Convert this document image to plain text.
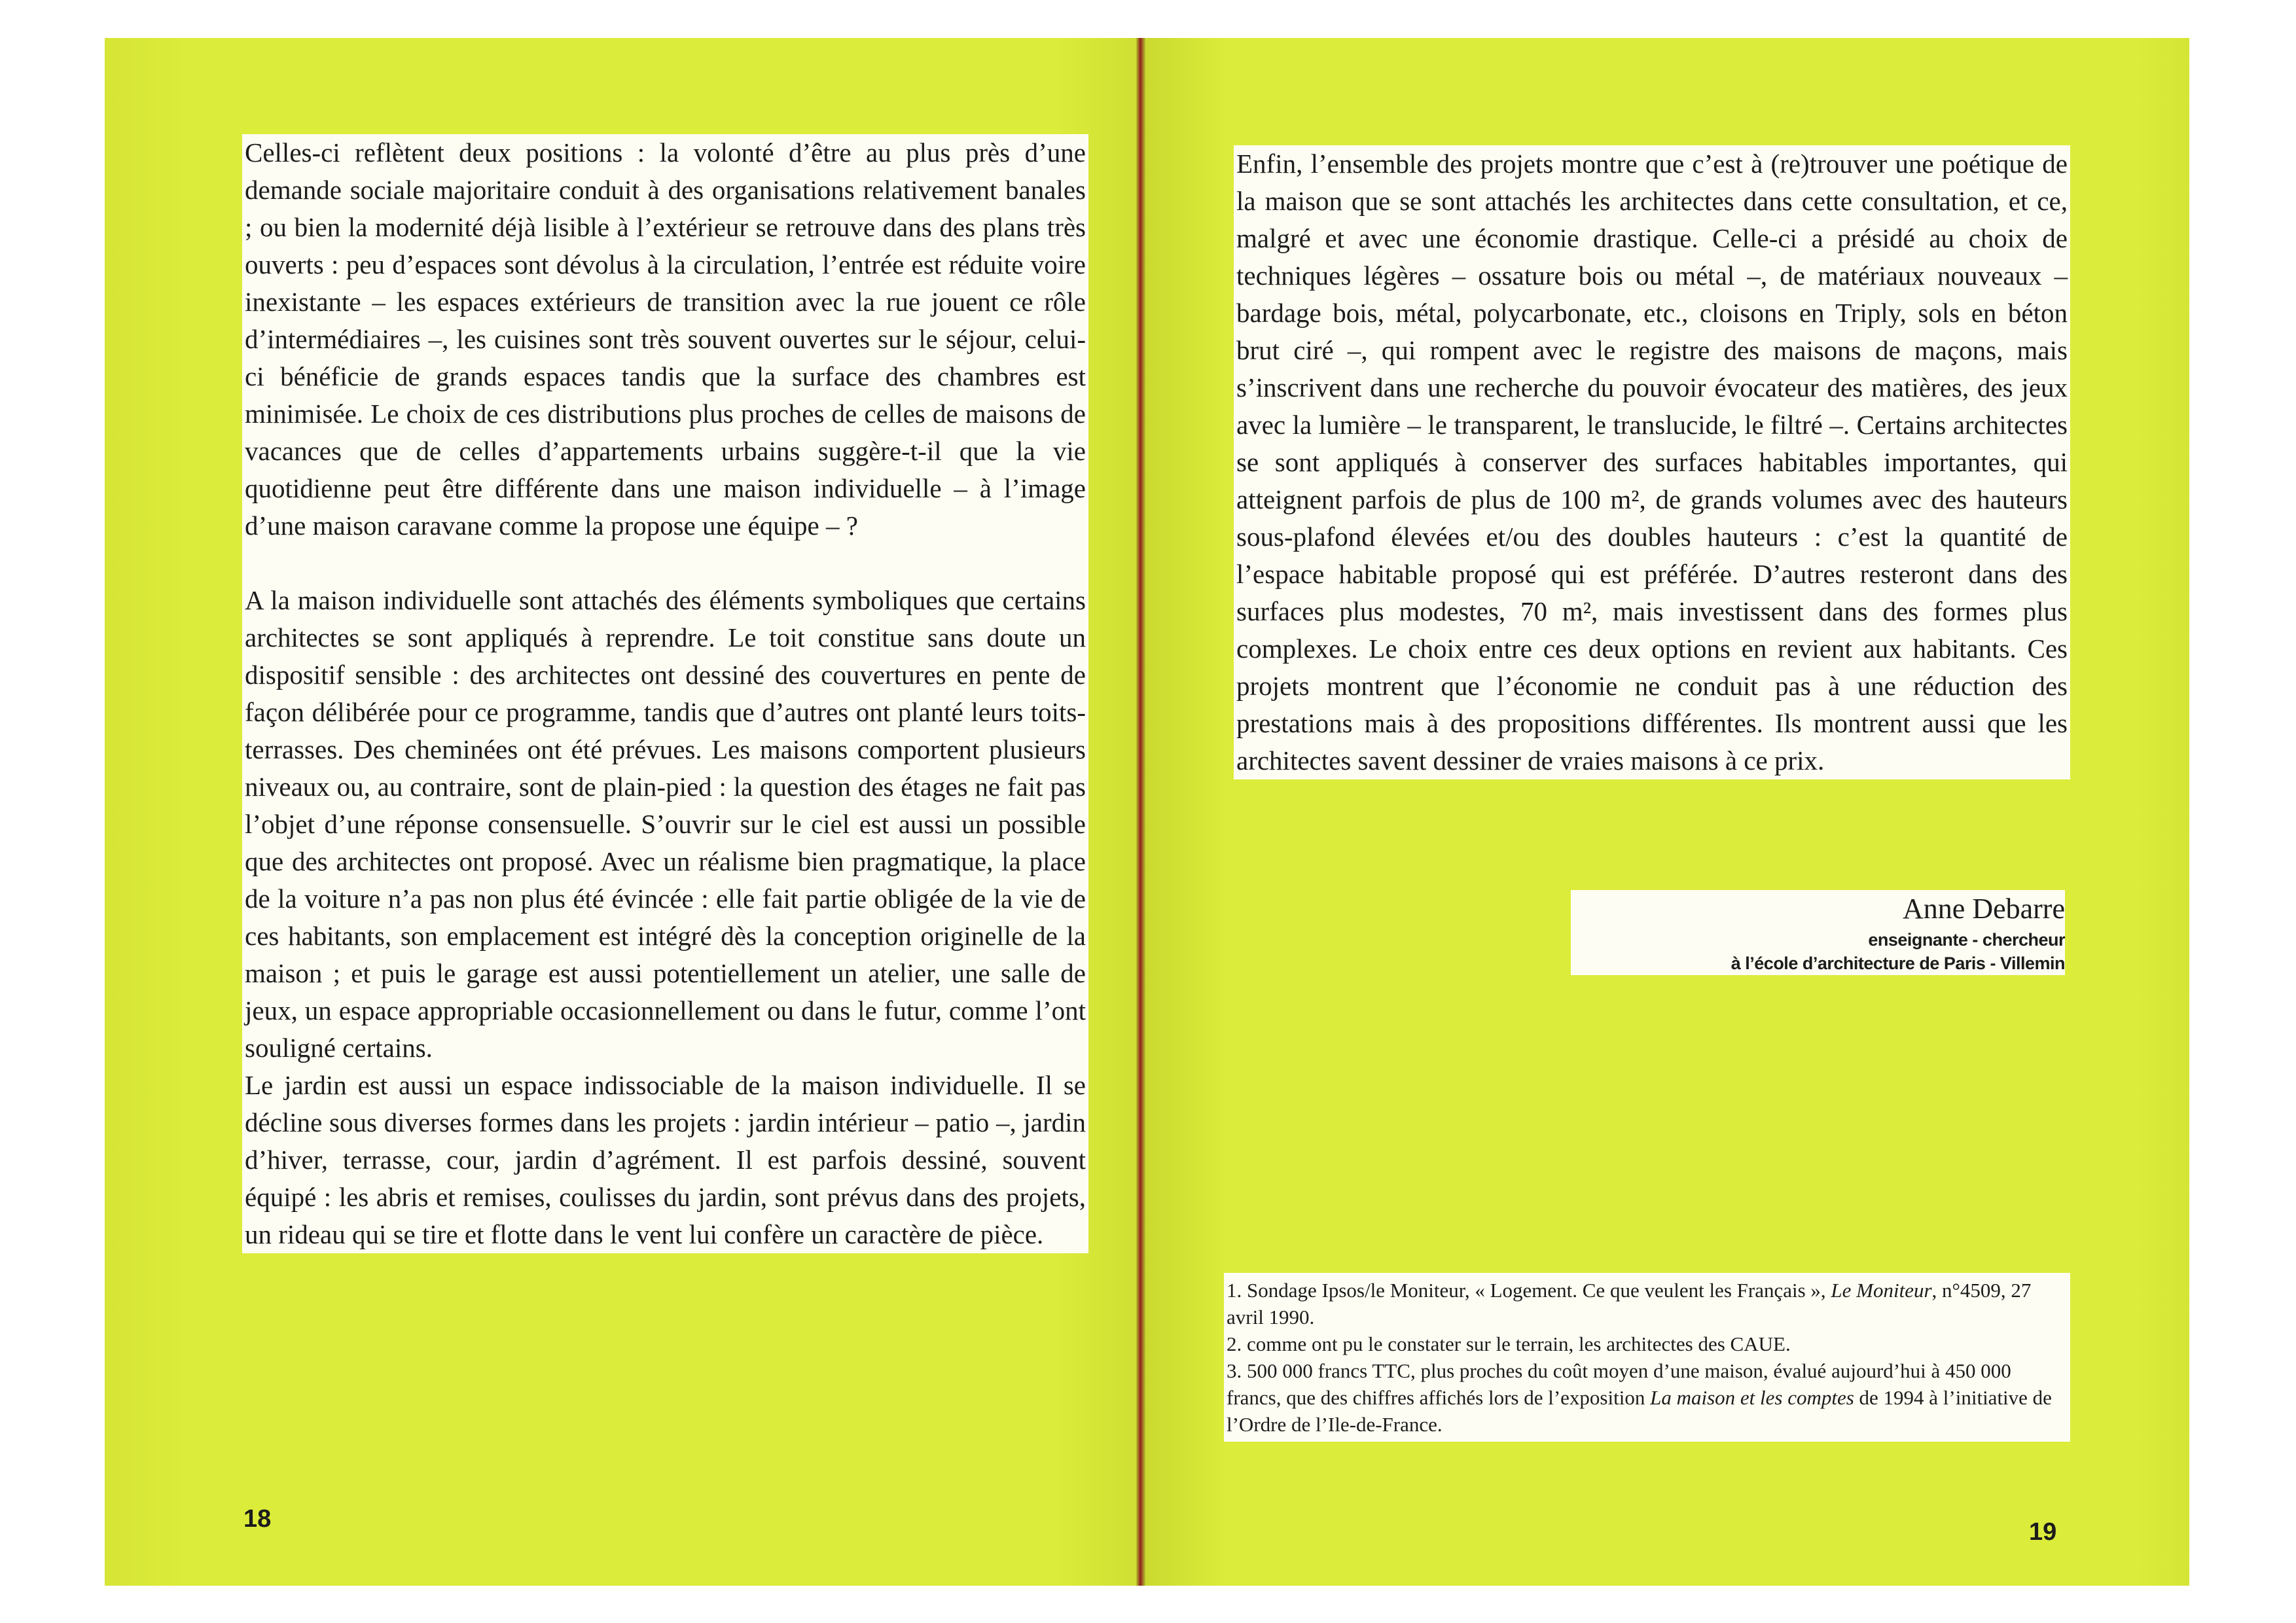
Celles-ci reflètent deux positions : la volonté d’être au plus près d’une demande sociale majoritaire conduit à des organisations relativement banales ; ou bien la modernité déjà lisible à l’extérieur se retrouve dans des plans très ouverts : peu d’espaces sont dévolus à la circulation, l’entrée est réduite voire inexistante – les espaces extérieurs de transition avec la rue jouent ce rôle d’intermédiaires –, les cuisines sont très souvent ouvertes sur le séjour, celui-ci bénéficie de grands espaces tandis que la surface des chambres est minimisée. Le choix de ces distributions plus proches de celles de maisons de vacances que de celles d’appartements urbains suggère-t-il que la vie quotidienne peut être différente dans une maison individuelle – à l’image d’une maison caravane comme la propose une équipe – ?

A la maison individuelle sont attachés des éléments symboliques que certains architectes se sont appliqués à reprendre. Le toit constitue sans doute un dispositif sensible : des architectes ont dessiné des couvertures en pente de façon délibérée pour ce programme, tandis que d’autres ont planté leurs toits-terrasses. Des cheminées ont été prévues. Les maisons comportent plusieurs niveaux ou, au contraire, sont de plain-pied : la question des étages ne fait pas l’objet d’une réponse consensuelle. S’ouvrir sur le ciel est aussi un possible que des architectes ont proposé. Avec un réalisme bien pragmatique, la place de la voiture n’a pas non plus été évincée : elle fait partie obligée de la vie de ces habitants, son emplacement est intégré dès la conception originelle de la maison ; et puis le garage est aussi potentiellement un atelier, une salle de jeux, un espace appropriable occasionnellement ou dans le futur, comme l’ont souligné certains.

Le jardin est aussi un espace indissociable de la maison individuelle. Il se décline sous diverses formes dans les projets : jardin intérieur – patio –, jardin d’hiver, terrasse, cour, jardin d’agrément. Il est parfois dessiné, souvent équipé : les abris et remises, coulisses du jardin, sont prévus dans des projets, un rideau qui se tire et flotte dans le vent lui confère un caractère de pièce.

Enfin, l’ensemble des projets montre que c’est à (re)trouver une poétique de la maison que se sont attachés les architectes dans cette consultation, et ce, malgré et avec une économie drastique. Celle-ci a présidé au choix de techniques légères – ossature bois ou métal –, de matériaux nouveaux – bardage bois, métal, polycarbonate, etc., cloisons en Triply, sols en béton brut ciré –, qui rompent avec le registre des maisons de maçons, mais s’inscrivent dans une recherche du pouvoir évocateur des matières, des jeux avec la lumière – le transparent, le translucide, le filtré –. Certains architectes se sont appliqués à conserver des surfaces habitables importantes, qui atteignent parfois de plus de 100 m², de grands volumes avec des hauteurs sous-plafond élevées et/ou des doubles hauteurs : c’est la quantité de l’espace habitable proposé qui est préférée. D’autres resteront dans des surfaces plus modestes, 70 m², mais investissent dans des formes plus complexes. Le choix entre ces deux options en revient aux habitants. Ces projets montrent que l’économie ne conduit pas à une réduction des prestations mais à des propositions différentes. Ils montrent aussi que les architectes savent dessiner de vraies maisons à ce prix.

Anne Debarre
enseignante - chercheur
à l’école d’architecture de Paris - Villemin

1. Sondage Ipsos/le Moniteur, « Logement. Ce que veulent les Français », Le Moniteur, n°4509, 27 avril 1990.

2. comme ont pu le constater sur le terrain, les architectes des CAUE.

3. 500 000 francs TTC, plus proches du coût moyen d’une maison, évalué aujourd’hui à 450 000 francs, que des chiffres affichés lors de l’exposition La maison et les comptes de 1994 à l’initiative de l’Ordre de l’Ile-de-France.

18	19
